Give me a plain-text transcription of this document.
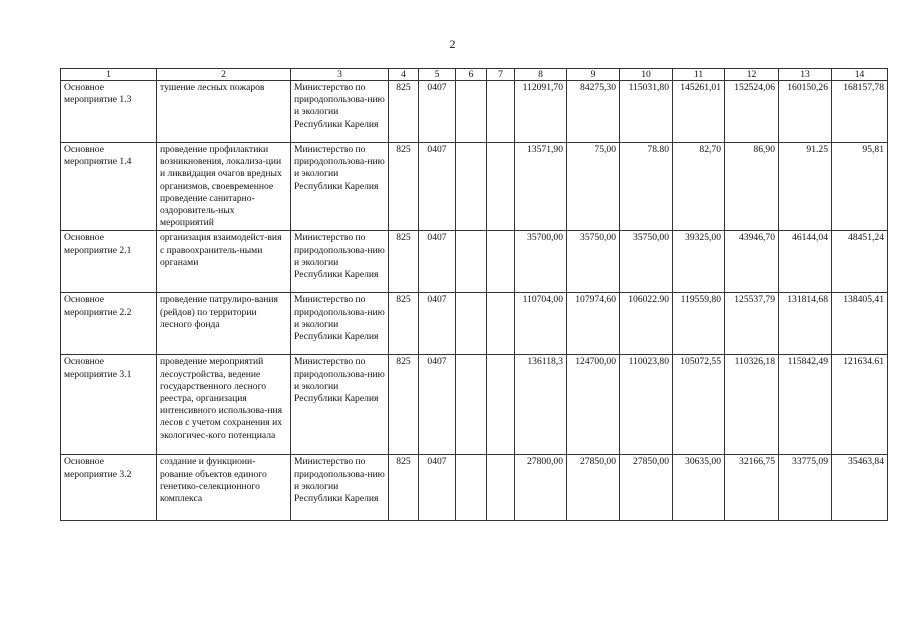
2
1	2	3	4	5	6	7	8	9	10	11	12	13	14
Основное мероприятие 1.3	тушение лесных пожаров	Министерство по природопользова-нию и экологии Республики Карелия	825	0407			112091,70	84275,30	115031,80	145261,01	152524,06	160150,26	168157,78
Основное мероприятие 1.4	проведение профилактики возникновения, локализа-ции и ликвидация очагов вредных организмов, своевременное проведение санитарно-оздоровитель-ных мероприятий	Министерство по природопользова-нию и экологии Республики Карелия	825	0407			13571,90	75,00	78.80	82,70	86,90	91.25	95,81
Основное мероприятие 2.1	организация взаимодейст-вия с правоохранитель-ными органами	Министерство по природопользова-нию и экологии Республики Карелия	825	0407			35700,00	35750,00	35750,00	39325,00	43946,70	46144,04	48451,24
Основное мероприятие 2.2	проведение патрулиро-вания (рейдов) по территории лесного фонда	Министерство по природопользова-нию и экологии Республики Карелия	825	0407			110704,00	107974,60	106022.90	119559,80	125537,79	131814,68	138405,41
Основное мероприятие 3.1	проведение мероприятий лесоустройства, ведение государственного лесного реестра, организация интенсивного использова-ния лесов с учетом сохранения их экологичес-кого потенциала	Министерство по природопользова-нию и экологии Республики Карелия	825	0407			136118,3	124700,00	110023,80	105072,55	110326,18	115842,49	121634.61
Основное мероприятие 3.2	создание и функциони-рование объектов единого генетико-селекционного комплекса	Министерство по природопользова-нию и экологии Республики Карелия	825	0407			27800,00	27850,00	27850,00	30635,00	32166,75	33775,09	35463,84
